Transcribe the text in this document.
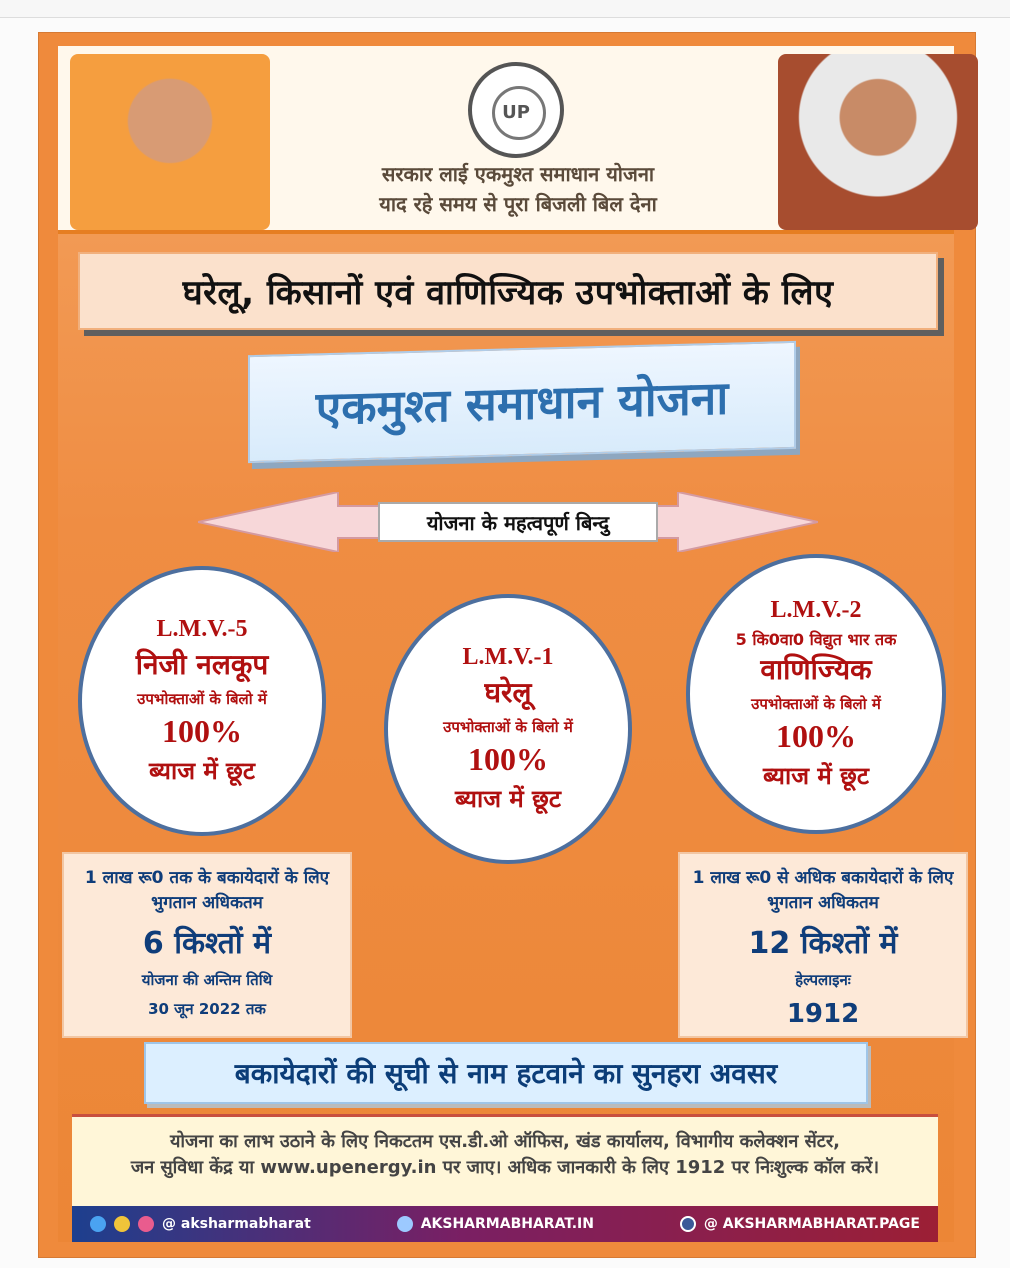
UP
सरकार लाई एकमुश्त समाधान योजना
याद रहे समय से पूरा बिजली बिल देना
घरेलू, किसानों एवं वाणिज्यिक उपभोक्ताओं के लिए
एकमुश्त समाधान योजना
योजना के महत्वपूर्ण बिन्दु
L.M.V.-5
निजी नलकूप
उपभोक्ताओं के बिलो में
100%
ब्याज में छूट
L.M.V.-1
घरेलू
उपभोक्ताओं के बिलो में
100%
ब्याज में छूट
L.M.V.-2
5 कि0वा0 विद्युत भार तक
वाणिज्यिक
उपभोक्ताओं के बिलो में
100%
ब्याज में छूट
1 लाख रू0 तक के बकायेदारों के लिए भुगतान अधिकतम
6 किश्तों में
योजना की अन्तिम तिथि
30 जून 2022 तक
1 लाख रू0 से अधिक बकायेदारों के लिए भुगतान अधिकतम
12 किश्तों में
हेल्पलाइनः
1912
बकायेदारों की सूची से नाम हटवाने का सुनहरा अवसर
योजना का लाभ उठाने के लिए निकटतम एस.डी.ओ ऑफिस, खंड कार्यालय, विभागीय कलेक्शन सेंटर,
जन सुविधा केंद्र या www.upenergy.in पर जाए। अधिक जानकारी के लिए 1912 पर निःशुल्क कॉल करें।
@ aksharmabharat	AKSHARMABHARAT.IN	@ AKSHARMABHARAT.PAGE
